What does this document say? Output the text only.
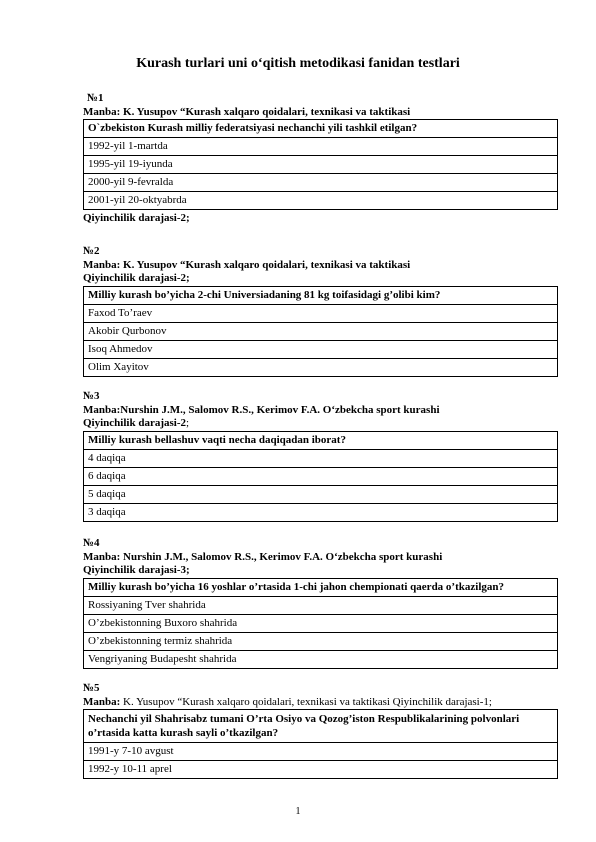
Kurash turlari uni o‘qitish metodikasi fanidan testlari
№1
Manba: K. Yusupov “Kurash xalqaro qoidalari, texnikasi va taktikasi
O`zbekiston Kurash milliy federatsiyasi nechanchi yili tashkil etilgan?
1992-yil 1-martda
1995-yil 19-iyunda
2000-yil 9-fevralda
2001-yil 20-oktyabrda
Qiyinchilik darajasi-2;
№2
Manba: K. Yusupov “Kurash xalqaro qoidalari, texnikasi va taktikasi
Qiyinchilik darajasi-2;
Milliy kurash bo’yicha 2-chi Universiadaning 81 kg toifasidagi g’olibi kim?
Faxod To’raev
Akobir Qurbonov
Isoq Ahmedov
Olim Xayitov
№3
Manba:Nurshin J.M., Salomov R.S., Kerimov F.A. O‘zbekcha sport kurashi
Qiyinchilik darajasi-2;
Milliy kurash bellashuv vaqti necha daqiqadan iborat?
4 daqiqa
6 daqiqa
5 daqiqa
3 daqiqa
№4
Manba: Nurshin J.M., Salomov R.S., Kerimov F.A. O‘zbekcha sport kurashi
Qiyinchilik darajasi-3;
Milliy kurash bo’yicha 16 yoshlar o’rtasida 1-chi jahon chempionati qaerda o’tkazilgan?
Rossiyaning Tver shahrida
O’zbekistonning Buxoro shahrida
O’zbekistonning termiz shahrida
Vengriyaning Budapesht shahrida
№5
Manba: K. Yusupov “Kurash xalqaro qoidalari, texnikasi va taktikasi Qiyinchilik darajasi-1;
Nechanchi yil Shahrisabz tumani O’rta Osiyo va Qozog’iston Respublikalarining polvonlari o’rtasida katta kurash sayli o’tkazilgan?
1991-y 7-10 avgust
1992-y 10-11 aprel
1
